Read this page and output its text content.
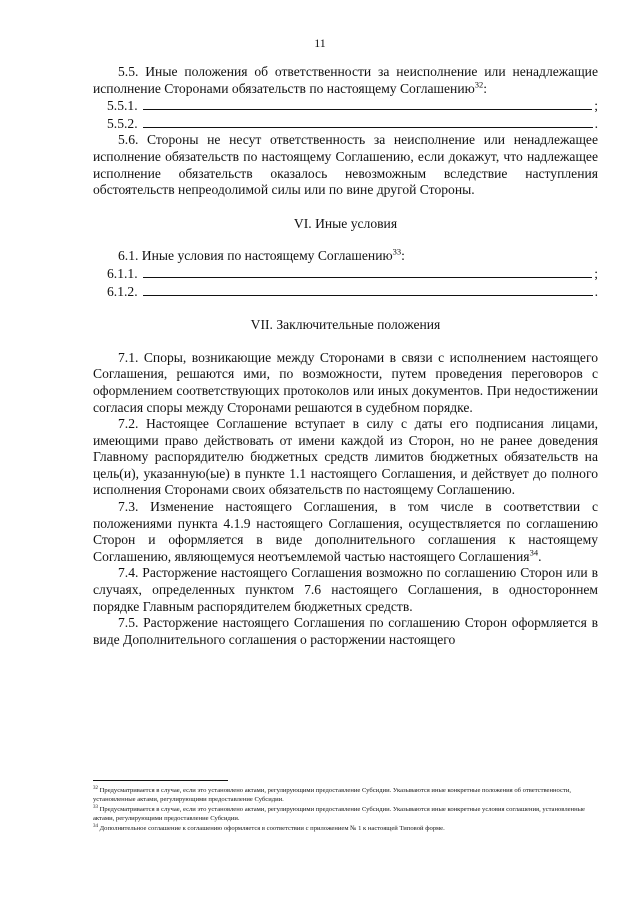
11

5.5. Иные положения об ответственности за неисполнение или ненадлежащие исполнение Сторонами обязательств по настоящему Соглашению$^{32}$:

5.5.1.	;
5.5.2.	.

5.6. Стороны не несут ответственность за неисполнение или ненадлежащее исполнение обязательств по настоящему Соглашению, если докажут, что надлежащее исполнение обязательств оказалось невозможным вследствие наступления обстоятельств непреодолимой силы или по вине другой Стороны.

VI. Иные условия

6.1. Иные условия по настоящему Соглашению$^{33}$:

6.1.1.	;
6.1.2.	.
VII. Заключительные положения

7.1. Споры, возникающие между Сторонами в связи с исполнением настоящего Соглашения, решаются ими, по возможности, путем проведения переговоров с оформлением соответствующих протоколов или иных документов. При недостижении согласия споры между Сторонами решаются в судебном порядке.

7.2. Настоящее Соглашение вступает в силу с даты его подписания лицами, имеющими право действовать от имени каждой из Сторон, но не ранее доведения Главному распорядителю бюджетных средств лимитов бюджетных обязательств на цель(и), указанную(ые) в пункте 1.1 настоящего Соглашения, и действует до полного исполнения Сторонами своих обязательств по настоящему Соглашению.

7.3. Изменение настоящего Соглашения, в том числе в соответствии с положениями пункта 4.1.9 настоящего Соглашения, осуществляется по соглашению Сторон и оформляется в виде дополнительного соглашения к настоящему Соглашению, являющемуся неотъемлемой частью настоящего Соглашения$^{34}$.

7.4. Расторжение настоящего Соглашения возможно по соглашению Сторон или в случаях, определенных пунктом 7.6 настоящего Соглашения, в одностороннем порядке Главным распорядителем бюджетных средств.

7.5. Расторжение настоящего Соглашения по соглашению Сторон оформляется в виде Дополнительного соглашения о расторжении настоящего

$^{32}$ Предусматривается в случае, если это установлено актами, регулирующими предоставление Субсидии. Указываются иные конкретные положения об ответственности, установленные актами, регулирующими предоставление Субсидии.

$^{33}$ Предусматривается в случае, если это установлено актами, регулирующими предоставление Субсидии. Указываются иные конкретные условия соглашения, установленные актами, регулирующими предоставление Субсидии.

$^{34}$ Дополнительное соглашение к соглашению оформляется в соответствии с приложением № 1 к настоящей Типовой форме.
